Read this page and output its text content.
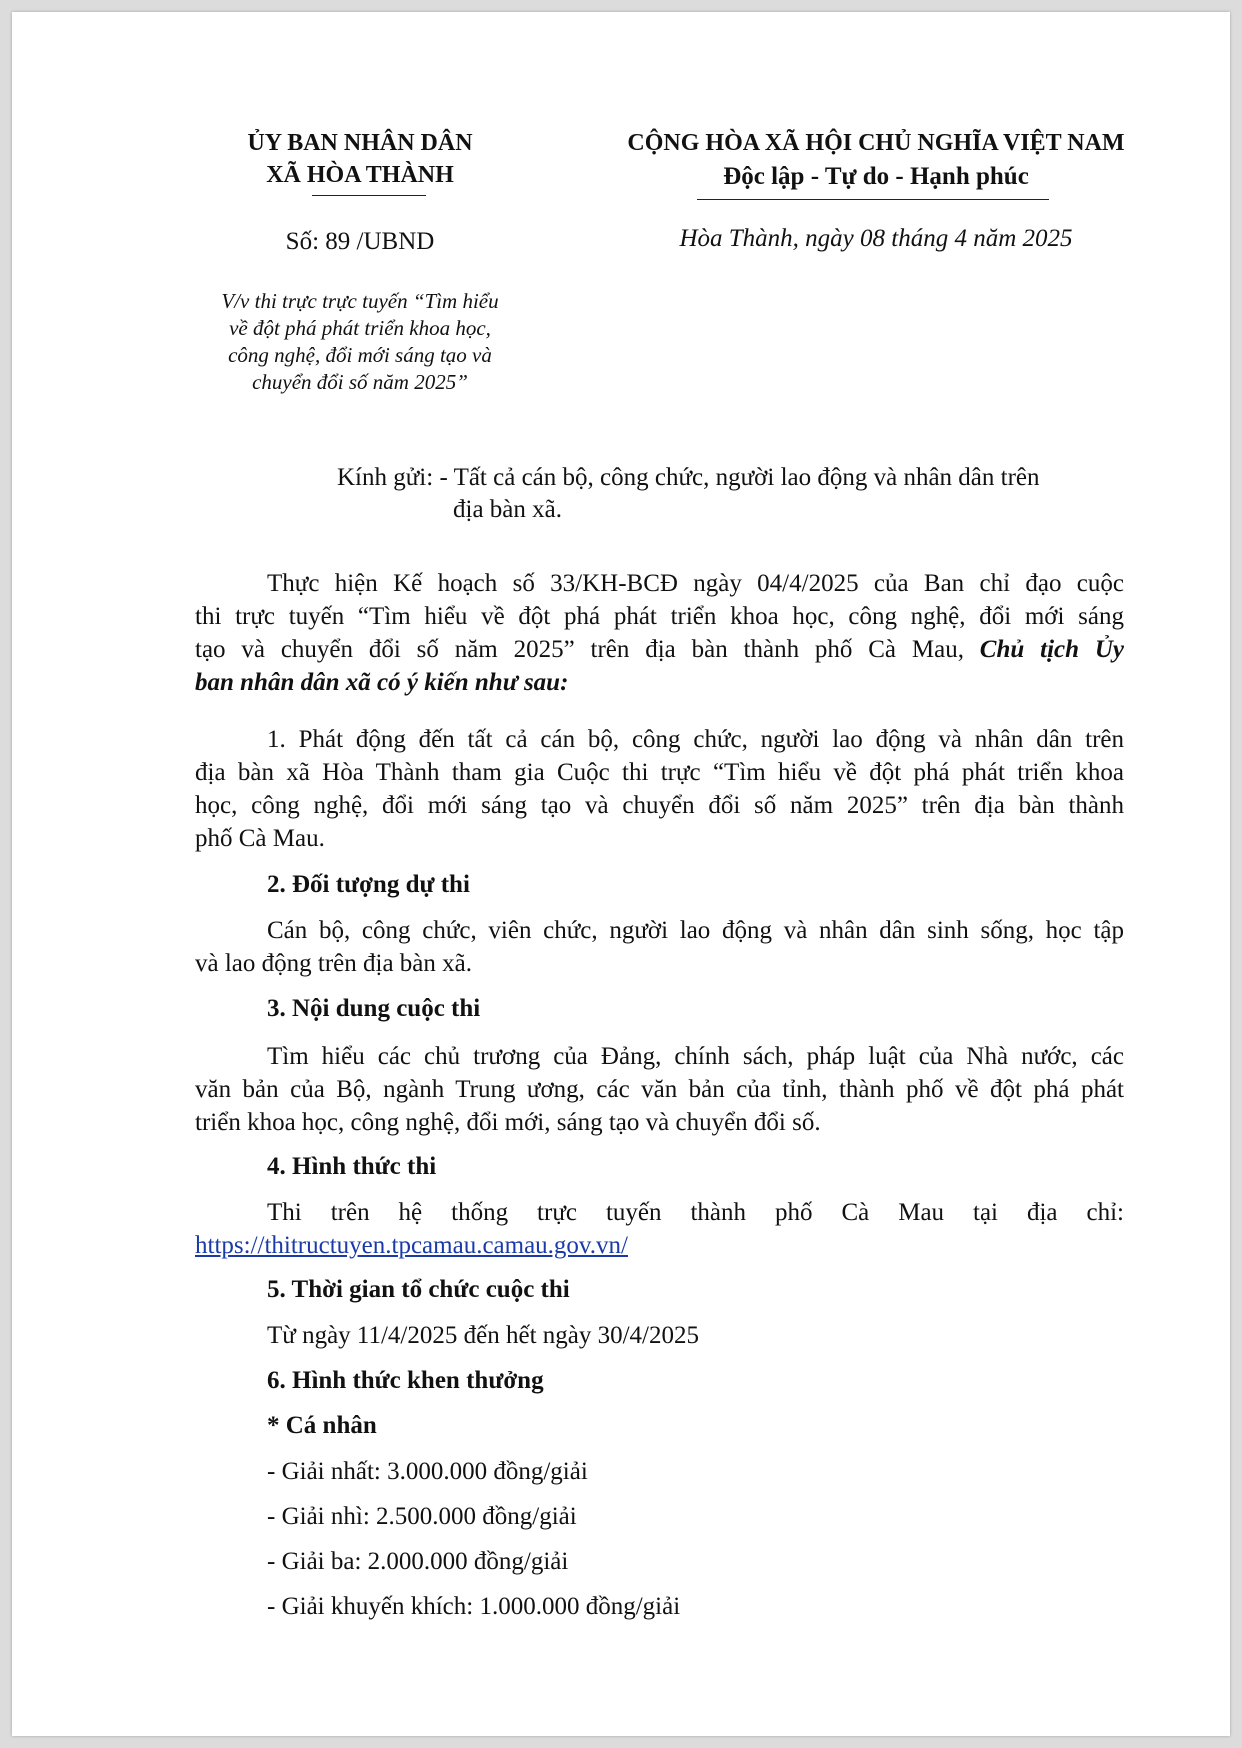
ỦY BAN NHÂN DÂN
XÃ HÒA THÀNH
Số: 89 /UBND
V/v thi trực trực tuyến “Tìm hiểu
về đột phá phát triển khoa học,
công nghệ, đổi mới sáng tạo và
chuyển đổi số năm 2025”
CỘNG HÒA XÃ HỘI CHỦ NGHĨA VIỆT NAM
Độc lập - Tự do - Hạnh phúc
Hòa Thành, ngày 08 tháng 4 năm 2025
Kính gửi: - Tất cả cán bộ, công chức, người lao động và nhân dân trên
địa bàn xã.
Thực hiện Kế hoạch số 33/KH-BCĐ ngày 04/4/2025 của Ban chỉ đạo cuộc
thi trực tuyến “Tìm hiểu về đột phá phát triển khoa học, công nghệ, đổi mới sáng
tạo và chuyển đổi số năm 2025” trên địa bàn thành phố Cà Mau, Chủ tịch Ủy
ban nhân dân xã có ý kiến như sau:
1. Phát động đến tất cả cán bộ, công chức, người lao động và nhân dân trên
địa bàn xã Hòa Thành tham gia Cuộc thi trực “Tìm hiểu về đột phá phát triển khoa
học, công nghệ, đổi mới sáng tạo và chuyển đổi số năm 2025” trên địa bàn thành
phố Cà Mau.
2. Đối tượng dự thi
Cán bộ, công chức, viên chức, người lao động và nhân dân sinh sống, học tập
và lao động trên địa bàn xã.
3. Nội dung cuộc thi
Tìm hiểu các chủ trương của Đảng, chính sách, pháp luật của Nhà nước, các
văn bản của Bộ, ngành Trung ương, các văn bản của tỉnh, thành phố về đột phá phát
triển khoa học, công nghệ, đổi mới, sáng tạo và chuyển đổi số.
4. Hình thức thi
Thi trên hệ thống trực tuyến thành phố Cà Mau tại địa chỉ:
https://thitructuyen.tpcamau.camau.gov.vn/
5. Thời gian tổ chức cuộc thi
Từ ngày 11/4/2025 đến hết ngày 30/4/2025
6. Hình thức khen thưởng
* Cá nhân
- Giải nhất: 3.000.000 đồng/giải
- Giải nhì: 2.500.000 đồng/giải
- Giải ba: 2.000.000 đồng/giải
- Giải khuyến khích: 1.000.000 đồng/giải
